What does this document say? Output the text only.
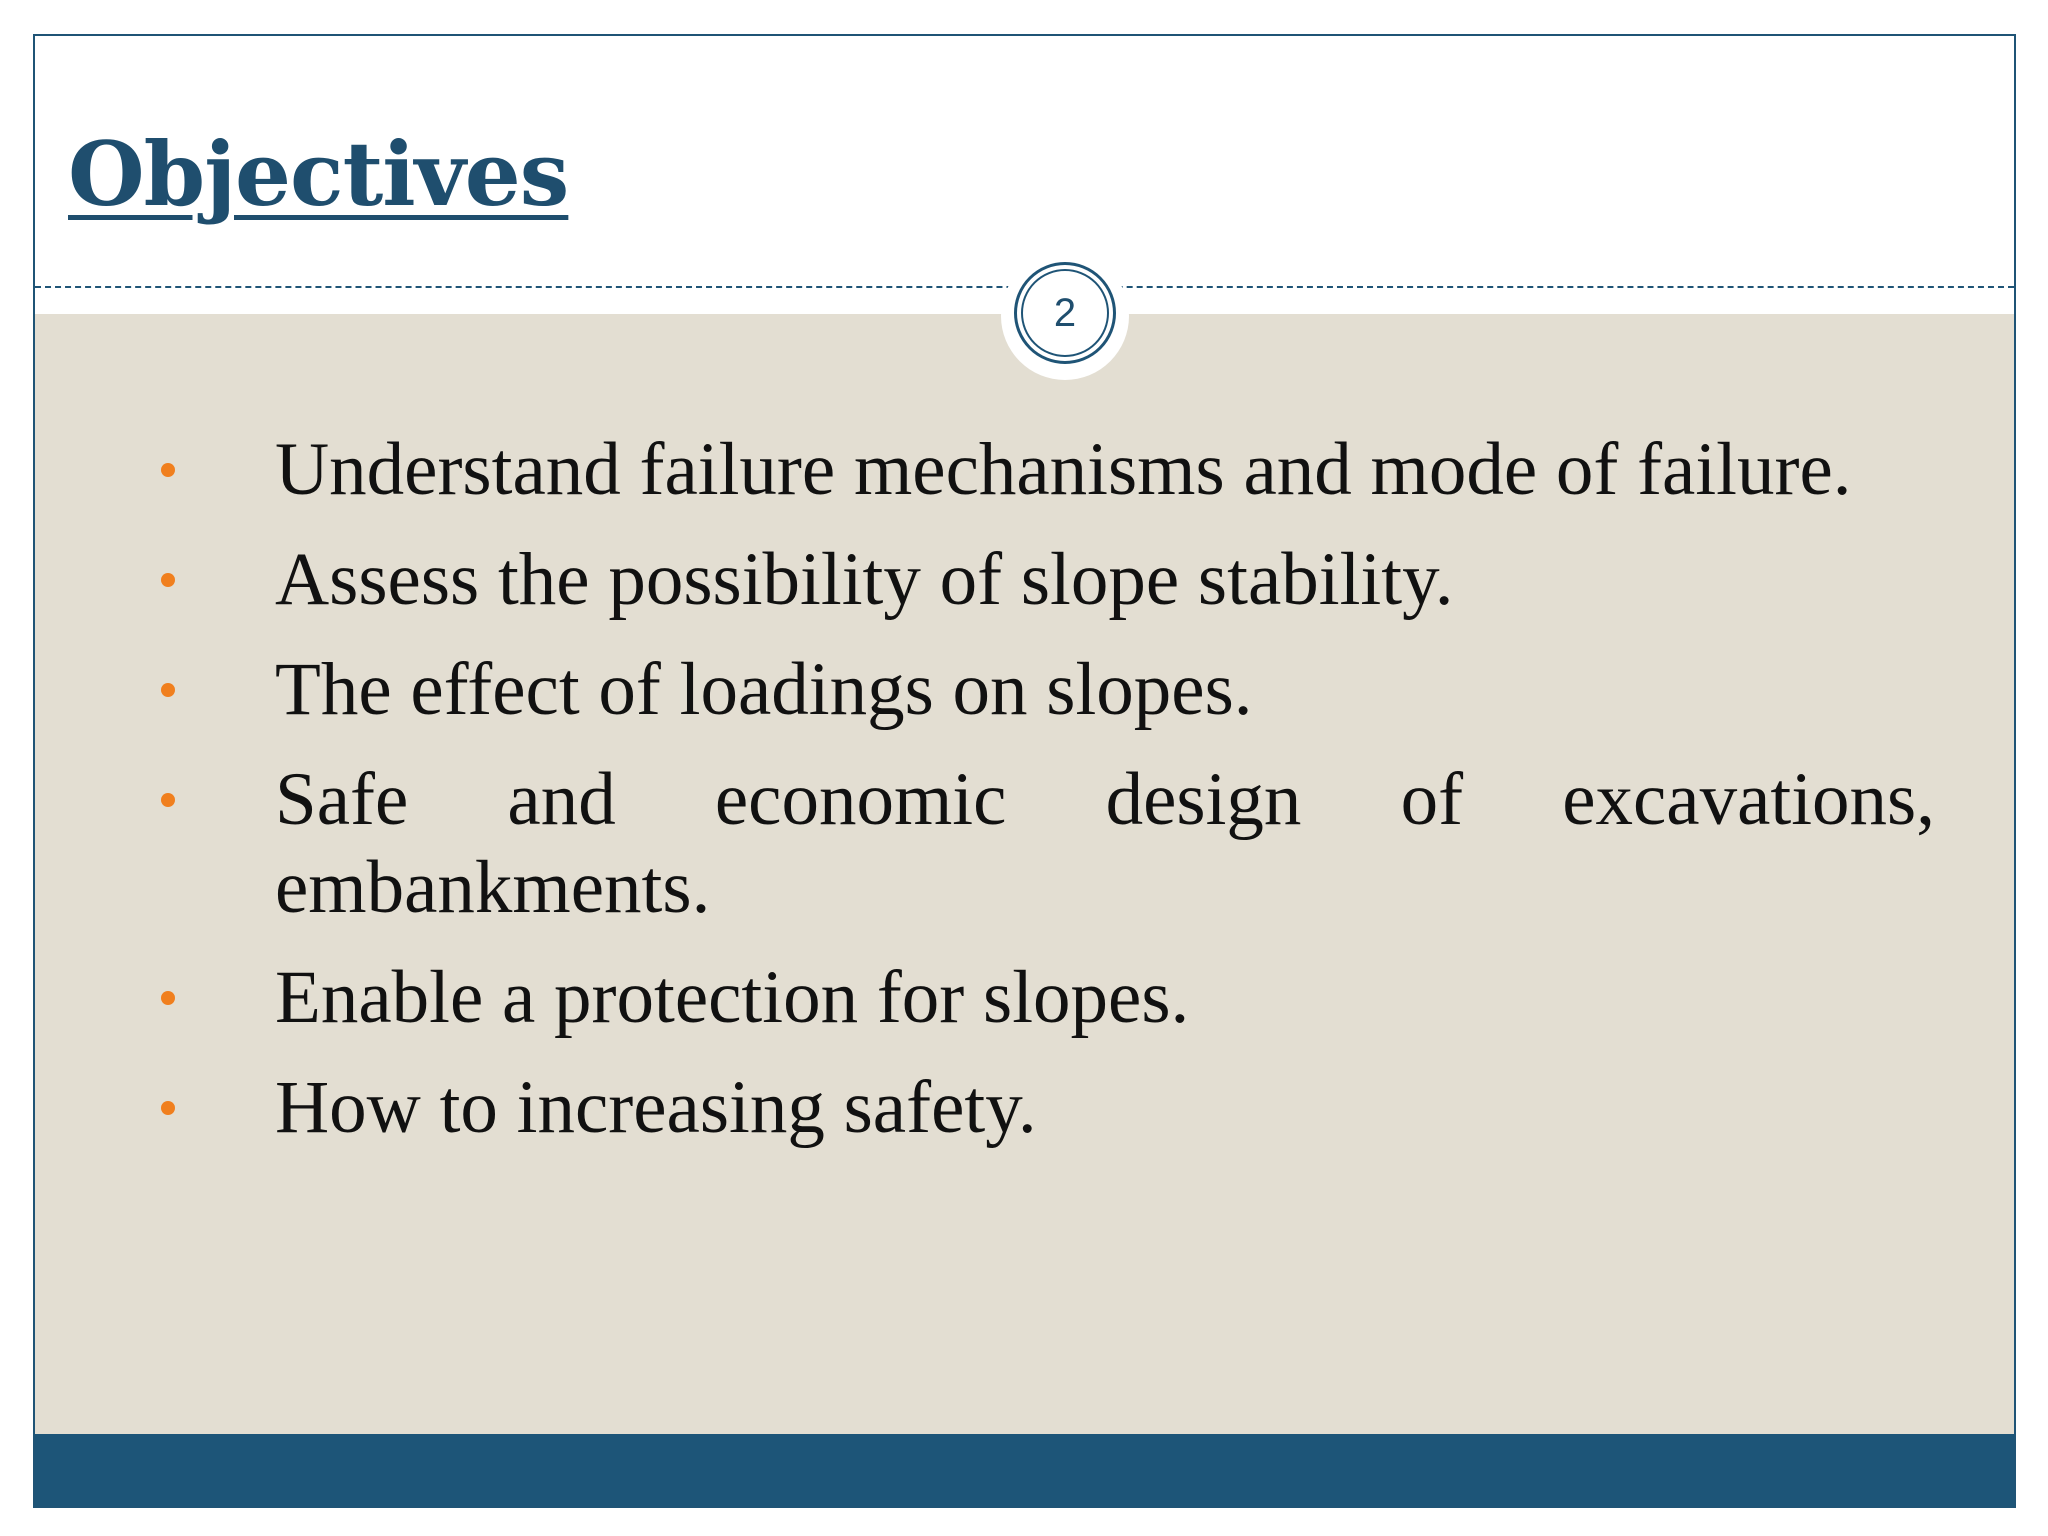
Objectives
2
Understand failure mechanisms and mode of failure.
Assess the possibility of slope stability.
The effect of loadings on slopes.
Safe and economic design of excavations, embankments.
Enable a protection for slopes.
How to increasing safety.
